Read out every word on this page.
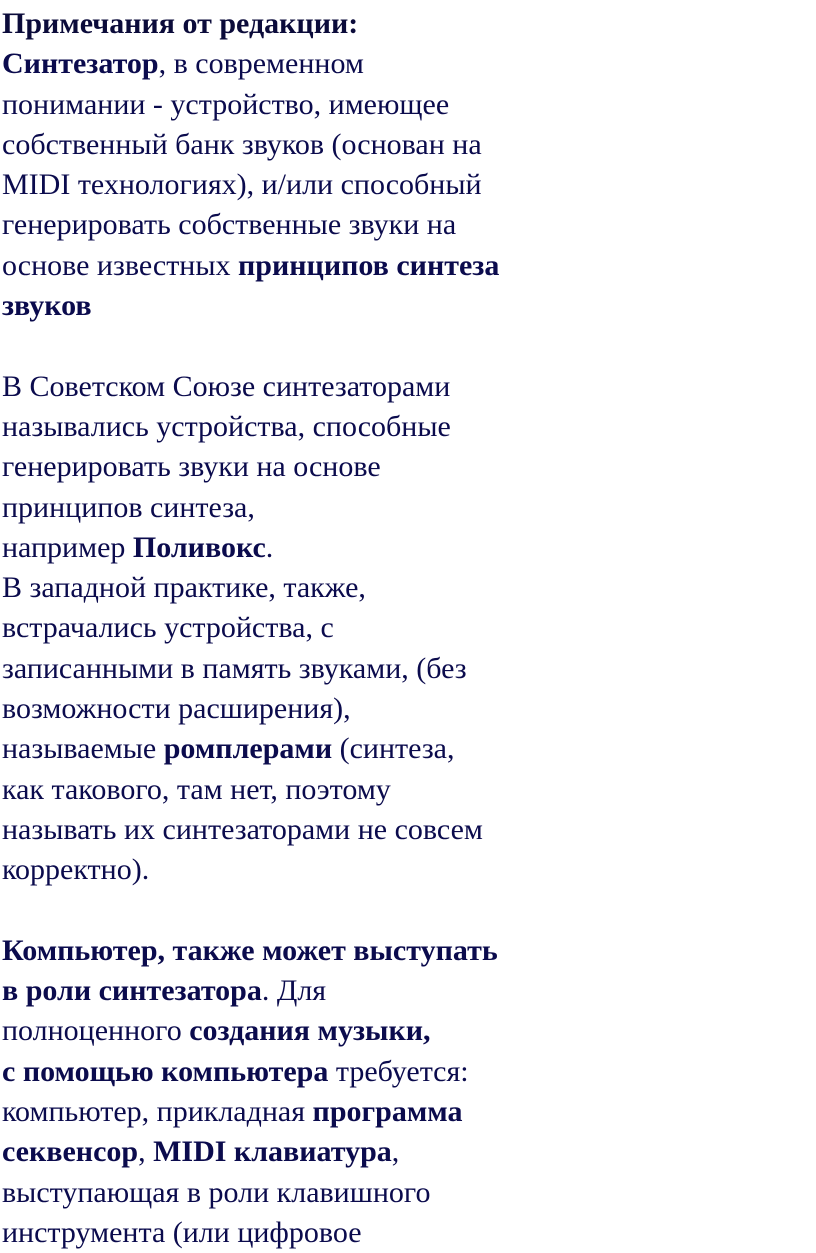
Примечания от редакции:
Синтезатор, в современном
понимании - устройство, имеющее
собственный банк звуков (основан на
MIDI технологиях), и/или способный
генерировать собственные звуки на
основе известных принципов синтеза
звуков
В Советском Союзе синтезаторами
назывались устройства, способные
генерировать звуки на основе
принципов синтеза,
например Поливокс.
В западной практике, также,
встрачались устройства, с
записанными в память звуками, (без
возможности расширения),
называемые ромплерами (синтеза,
как такового, там нет, поэтому
называть их синтезаторами не совсем
корректно).
Компьютер, также может выступать
в роли синтезатора. Для
полноценного создания музыки,
с помощью компьютера требуется:
компьютер, прикладная программа
секвенсор, MIDI клавиатура,
выступающая в роли клавишного
инструмента (или цифровое
